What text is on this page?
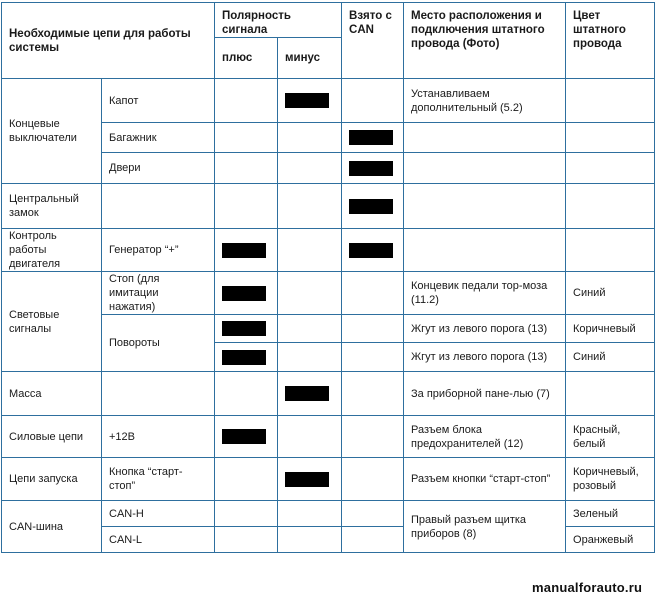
Необходимые цепи для работы системы		Полярность сигнала		Взято с CAN	Место расположения и подключения штатного провода (Фото)	Цвет штатного провода
		плюс	минус			
Концевые выключатели	Капот				Устанавливаем дополнительный (5.2)	
	Багажник					
	Двери					
Центральный замок						
Контроль работы двигателя	Генератор “+”					
Световые сигналы	Стоп (для имитации нажатия)				Концевик педали тор-моза (11.2)	Синий
	Повороты				Жгут из левого порога (13)	Коричневый
					Жгут из левого порога (13)	Синий
Масса					За приборной пане-лью (7)	
Силовые цепи	+12В				Разъем блока предохранителей (12)	Красный, белый
Цепи запуска	Кнопка “старт-стоп”				Разъем кнопки “старт-стоп”	Коричневый, розовый
CAN-шина	CAN-H				Правый разъем щитка приборов (8)	Зеленый
	CAN-L					Оранжевый
manualforauto.ru
